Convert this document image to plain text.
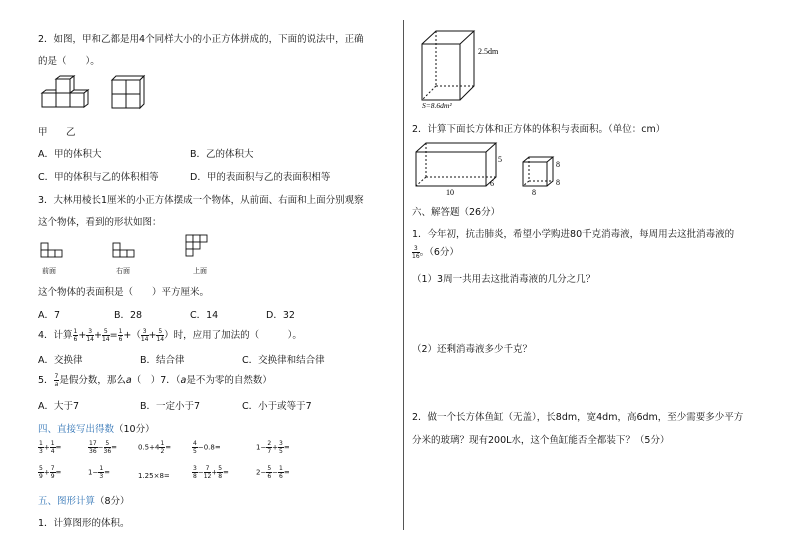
2．如图，甲和乙都是用4个同样大小的小正方体拼成的，下面的说法中，正确
的是（　　）。
甲 乙
A．甲的体积大	B．乙的体积大
C．甲的体积与乙的体积相等	D．甲的表面积与乙的表面积相等
3．大林用棱长1厘米的小正方体摆成一个物体，从前面、右面和上面分别观察
这个物体，看到的形状如图：
前面	右面	上面
这个物体的表面积是（　　）平方厘米。
A．7	B．28	C．14	D．32
4．计算 $\frac{1}{6} + \frac{3}{14} + \frac{5}{14} = \frac{1}{6}$ +（ $\frac{3}{14} + \frac{5}{14}$ ）时，应用了加法的（　　　）。
A．交换律	B．结合律	C．交换律和结合律
5． $\frac{7}{a}$ 是假分数，那么a（　）7．（a是不为零的自然数）
A．大于7	B．一定小于7	C．小于或等于7
四、直接写出得数（10分）
$\frac{1}{3} + \frac{1}{4}$ =	$\frac{17}{36} - \frac{5}{36}$ =	$0.5+4 \frac{1}{2}$ =	$\frac{4}{5} -0.8=$	$1- \frac{2}{7} + \frac{3}{5}$ =
$\frac{5}{9} + \frac{7}{9}$ =	$1- \frac{1}{3}$ =	1.25×8=	$\frac{3}{8} - \frac{7}{12} + \frac{5}{8}$ =	$2- \frac{5}{6} - \frac{1}{6}$ =
五、图形计算（8分）
1．计算图形的体积。
2.5dm
S=8.6dm²
2．计算下面长方体和正方体的体积与表面积。（单位：cm）
5
6
10
8
8
8
六、解答题（26分）
1．今年初，抗击肺炎，希望小学购进80千克消毒液，每周用去这批消毒液的
$\frac{3}{16}$ 。（6分）
（1）3周一共用去这批消毒液的几分之几？
（2）还剩消毒液多少千克？
2．做一个长方体鱼缸（无盖），长8dm，宽4dm，高6dm，至少需要多少平方
分米的玻璃？现有200L水，这个鱼缸能否全都装下？（5分）
